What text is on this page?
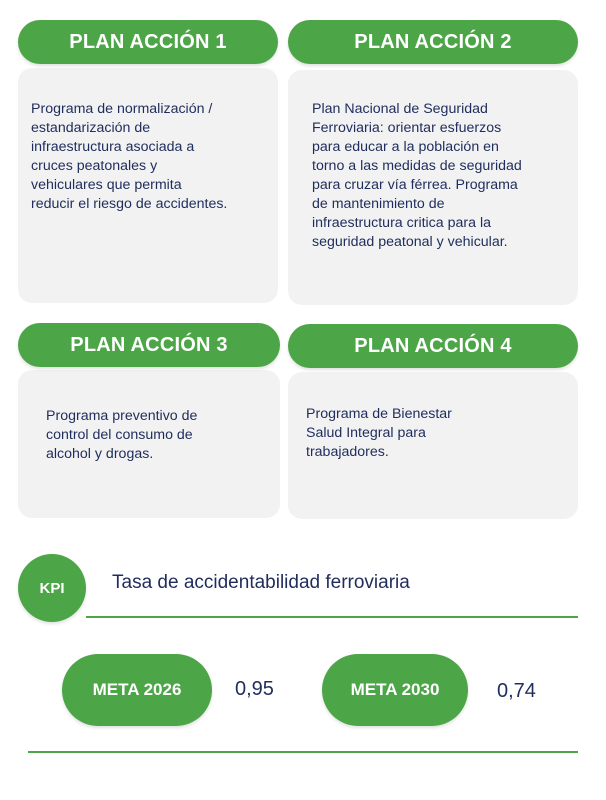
PLAN ACCIÓN 1
Programa de normalización /
estandarización de
infraestructura asociada a
cruces peatonales y
vehiculares que permita
reducir el riesgo de accidentes.
PLAN ACCIÓN 2
Plan Nacional de Seguridad
Ferroviaria: orientar esfuerzos
para educar a la población en
torno a las medidas de seguridad
para cruzar vía férrea. Programa
de mantenimiento de
infraestructura critica para la
seguridad peatonal y vehicular.
PLAN ACCIÓN 3
Programa preventivo de
control del consumo de
alcohol y drogas.
PLAN ACCIÓN 4
Programa de Bienestar
Salud Integral para
trabajadores.
KPI	Tasa de accidentabilidad ferroviaria
META 2026	0,95	META 2030	0,74
